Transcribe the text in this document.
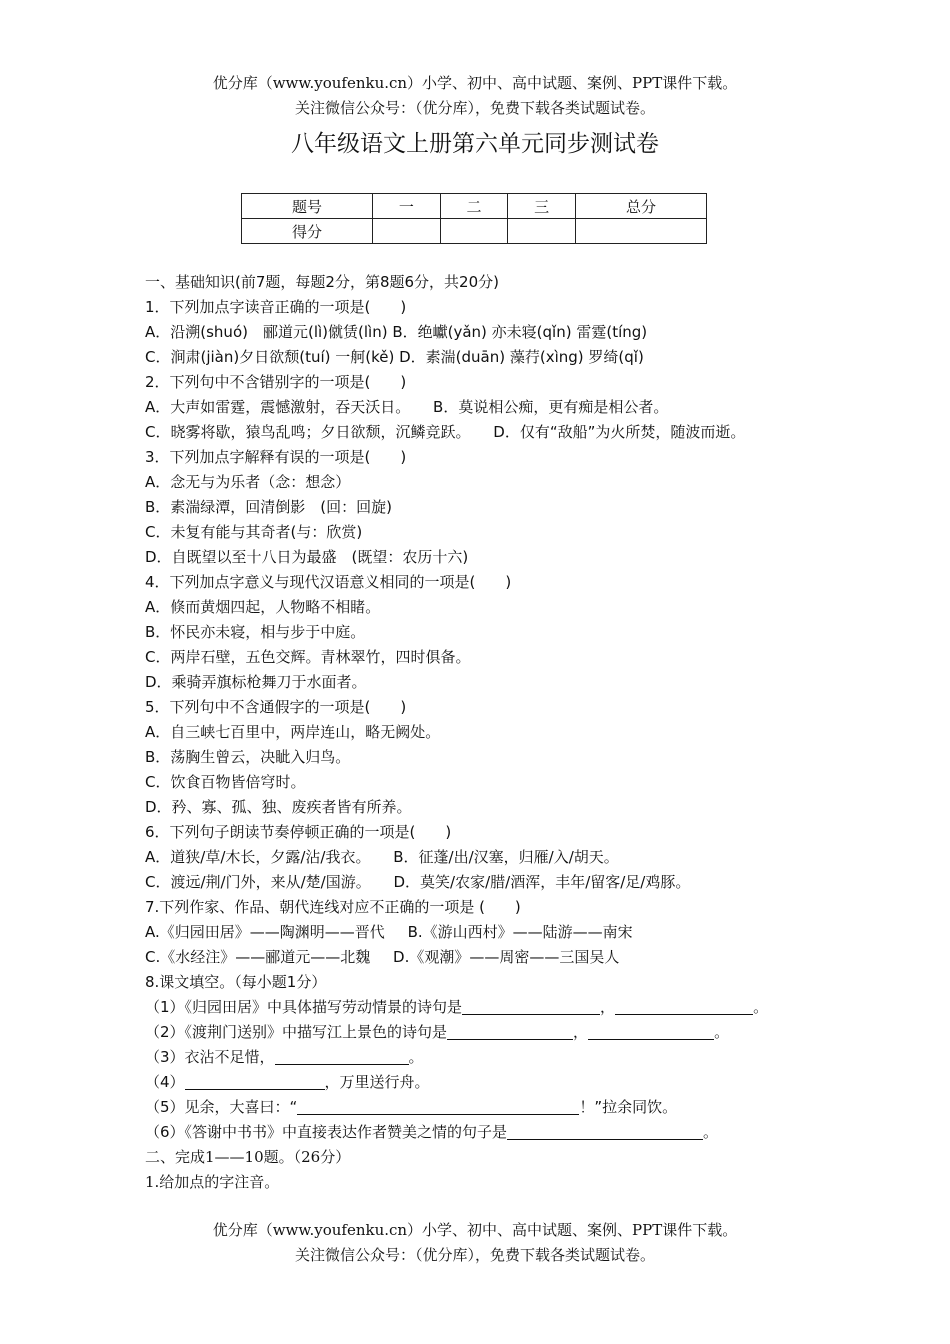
优分库（www.youfenku.cn）小学、初中、高中试题、案例、PPT课件下载。
关注微信公众号：（优分库），免费下载各类试题试卷。
八年级语文上册第六单元同步测试卷
题号	一	二	三	总分
得分				
一、基础知识(前7题，每题2分，第8题6分，共20分)
1．下列加点字读音正确的一项是(　　)
A．沿溯(shuó)　郦道元(lì)僦赁(lìn) B．绝巘(yǎn) 亦未寝(qǐn) 雷霆(tíng)
C．涧肃(jiàn)夕日欲颓(tuí) 一舸(kě) D．素湍(duān) 藻荇(xìng) 罗绮(qǐ)
2．下列句中不含错别字的一项是(　　)
A．大声如雷霆，震憾激射，吞天沃日。 B．莫说相公痴，更有痴是相公者。
C．晓雾将歇，猿鸟乱鸣；夕日欲颓，沉鳞竞跃。 D．仅有“敌船”为火所焚，随波而逝。
3．下列加点字解释有误的一项是(　　)
A．念无与为乐者（念：想念）
B．素湍绿潭，回清倒影　(回：回旋)
C．未复有能与其奇者(与：欣赏)
D．自既望以至十八日为最盛　(既望：农历十六)
4．下列加点字意义与现代汉语意义相同的一项是(　　)
A．倏而黄烟四起，人物略不相睹。
B．怀民亦未寝，相与步于中庭。
C．两岸石壁，五色交辉。青林翠竹，四时俱备。
D．乘骑弄旗标枪舞刀于水面者。
5．下列句中不含通假字的一项是(　　)
A．自三峡七百里中，两岸连山，略无阙处。
B．荡胸生曾云，决眦入归鸟。
C．饮食百物皆倍穹时。
D．矜、寡、孤、独、废疾者皆有所养。
6．下列句子朗读节奏停顿正确的一项是(　　)
A．道狭/草/木长，夕露/沾/我衣。 B．征蓬/出/汉塞，归雁/入/胡天。
C．渡远/荆/门外，来从/楚/国游。 D．莫笑/农家/腊/酒浑，丰年/留客/足/鸡豚。
7.下列作家、作品、朝代连线对应不正确的一项是 (　　)
A.《归园田居》——陶渊明——晋代 B.《游山西村》——陆游——南宋
C.《水经注》——郦道元——北魏 D.《观潮》——周密——三国吴人
8.课文填空。（每小题1分）
（1）《归园田居》中具体描写劳动情景的诗句是	，	。
（2）《渡荆门送别》中描写江上景色的诗句是	，	。
（3）衣沾不足惜，	。
（4）	，万里送行舟。
（5）见余，大喜曰：“	！”拉余同饮。
（6）《答谢中书书》中直接表达作者赞美之情的句子是	。
二、完成1——10题。（26分）
1.给加点的字注音。
优分库（www.youfenku.cn）小学、初中、高中试题、案例、PPT课件下载。
关注微信公众号：（优分库），免费下载各类试题试卷。
